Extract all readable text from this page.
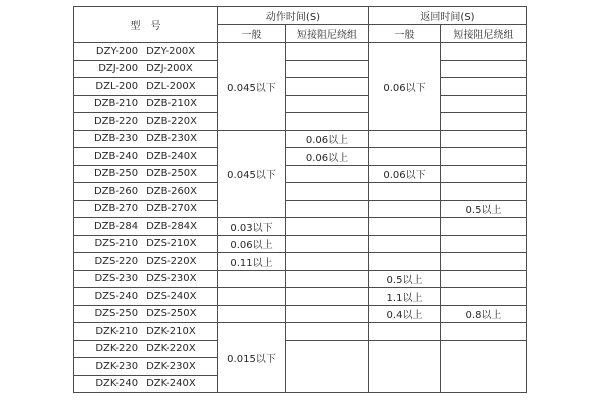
型　号	动作时间(S)		返回时间(S)	
	一般	短接阻尼绕组	一般	短接阻尼绕组
DZY-200 DZY-200X	0.045以下		0.06以下	
DZJ-200 DZJ-200X				
DZL-200 DZL-200X				
DZB-210 DZB-210X				
DZB-220 DZB-220X				
DZB-230 DZB-230X	0.045以下	0.06以上		
DZB-240 DZB-240X		0.06以上		
DZB-250 DZB-250X			0.06以下	
DZB-260 DZB-260X				
DZB-270 DZB-270X				0.5以上
DZB-284 DZB-284X	0.03以下			
DZS-210 DZS-210X	0.06以上			
DZS-220 DZS-220X	0.11以上			
DZS-230 DZS-230X			0.5以上	
DZS-240 DZS-240X			1.1以上	
DZS-250 DZS-250X			0.4以上	0.8以上
DZK-210 DZK-210X	0.015以下			
DZK-220 DZK-220X				
DZK-230 DZK-230X				
DZK-240 DZK-240X				
